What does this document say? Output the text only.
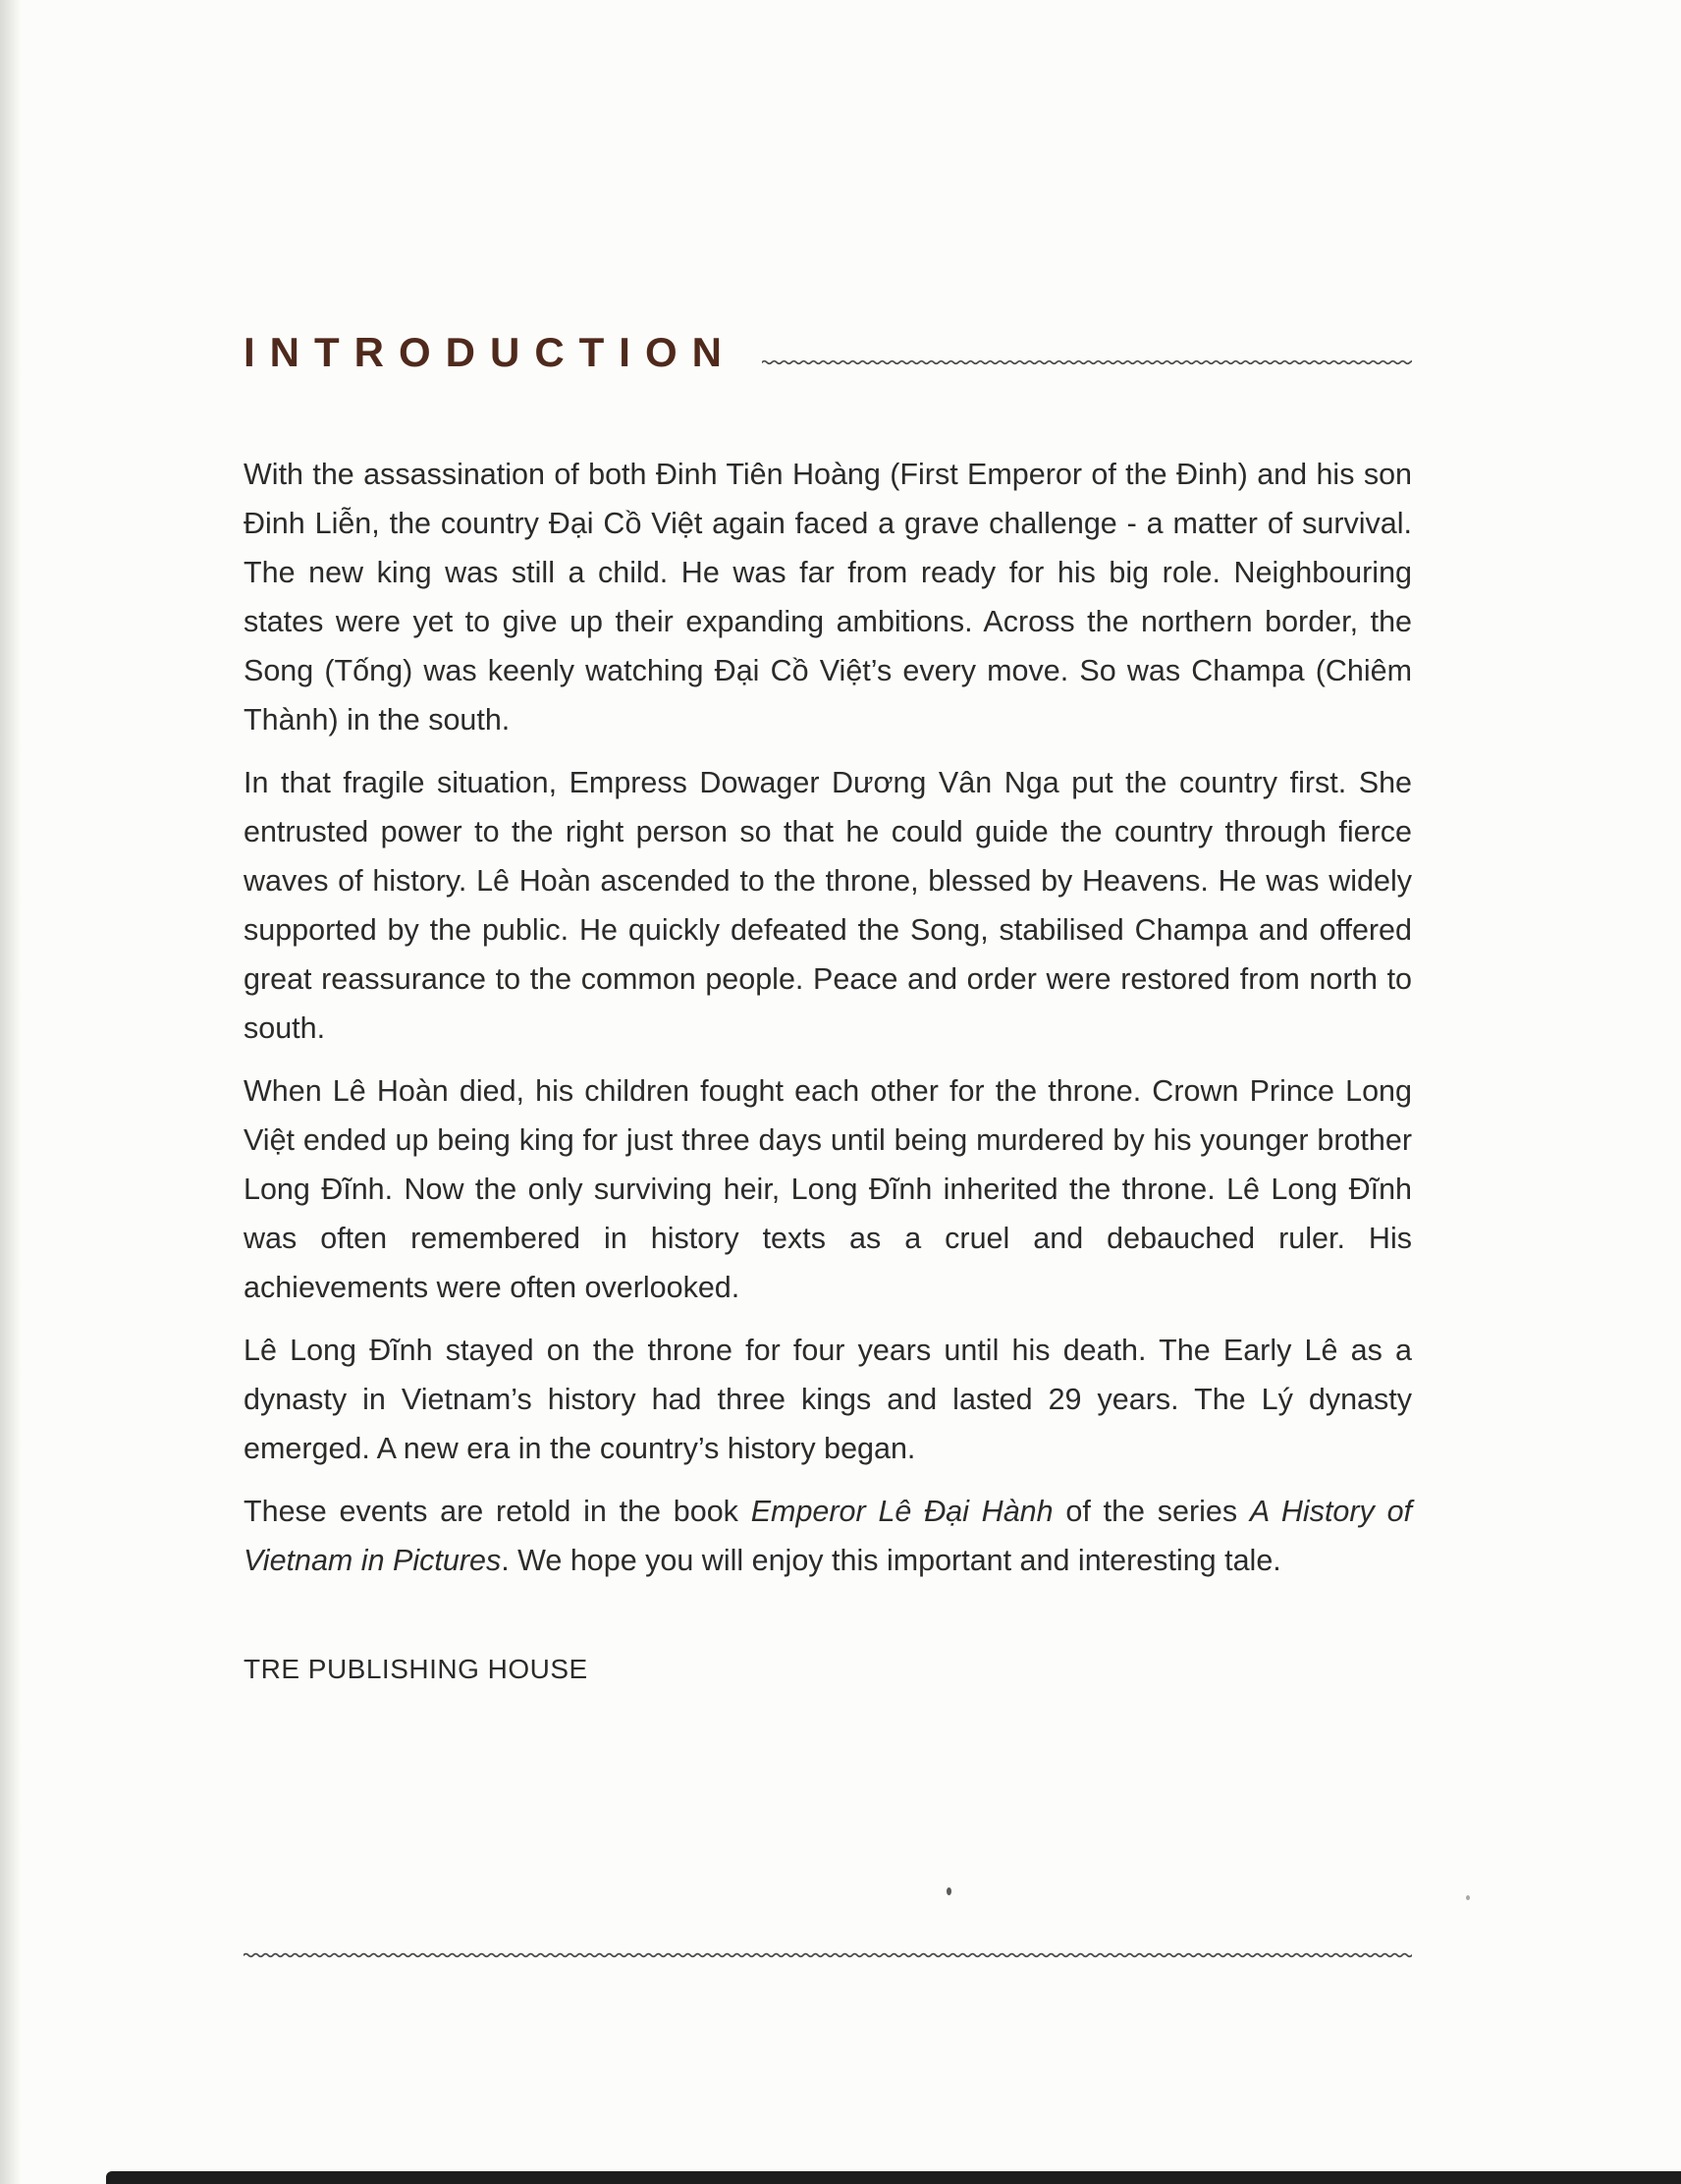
INTRODUCTION

With the assassination of both Đinh Tiên Hoàng (First Emperor of the Đinh) and his son Đinh Liễn, the country Đại Cồ Việt again faced a grave challenge - a matter of survival. The new king was still a child. He was far from ready for his big role. Neighbouring states were yet to give up their expanding ambitions. Across the northern border, the Song (Tống) was keenly watching Đại Cồ Việt’s every move. So was Champa (Chiêm Thành) in the south.

In that fragile situation, Empress Dowager Dương Vân Nga put the country first. She entrusted power to the right person so that he could guide the country through fierce waves of history. Lê Hoàn ascended to the throne, blessed by Heavens. He was widely supported by the public. He quickly defeated the Song, stabilised Champa and offered great reassurance to the common people. Peace and order were restored from north to south.

When Lê Hoàn died, his children fought each other for the throne. Crown Prince Long Việt ended up being king for just three days until being murdered by his younger brother Long Đĩnh. Now the only surviving heir, Long Đĩnh inherited the throne. Lê Long Đĩnh was often remembered in history texts as a cruel and debauched ruler. His achievements were often overlooked.

Lê Long Đĩnh stayed on the throne for four years until his death. The Early Lê as a dynasty in Vietnam’s history had three kings and lasted 29 years. The Lý dynasty emerged. A new era in the country’s history began.

These events are retold in the book Emperor Lê Đại Hành of the series A History of Vietnam in Pictures. We hope you will enjoy this important and interesting tale.

TRE PUBLISHING HOUSE
